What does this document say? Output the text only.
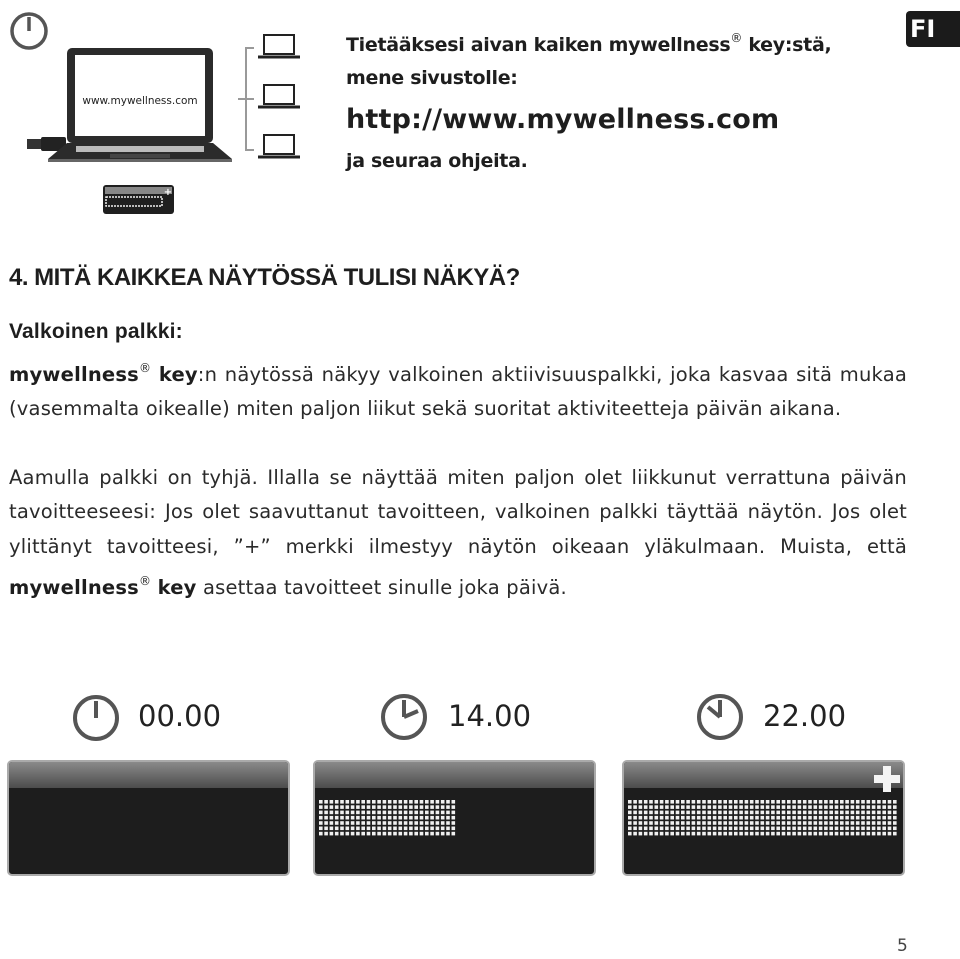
FI
www.mywellness.com
+
Tietääksesi aivan kaiken mywellness® key:stä,
mene sivustolle:
http://www.mywellness.com
ja seuraa ohjeita.
4. MITÄ KAIKKEA NÄYTÖSSÄ TULISI NÄKYÄ?
Valkoinen palkki:

mywellness® key:n näytössä näkyy valkoinen aktiivisuuspalkki, joka kasvaa sitä mukaa (vasemmalta oikealle) miten paljon liikut sekä suoritat aktiviteetteja päivän aikana.

Aamulla palkki on tyhjä. Illalla se näyttää miten paljon olet liikkunut verrattuna päivän tavoitteeseesi: Jos olet saavuttanut tavoitteen, valkoinen palkki täyttää näytön. Jos olet ylittänyt tavoitteesi, ”+” merkki ilmestyy näytön oikeaan yläkulmaan. Muista, että mywellness® key asettaa tavoitteet sinulle joka päivä.

00.00	14.00	22.00
5
